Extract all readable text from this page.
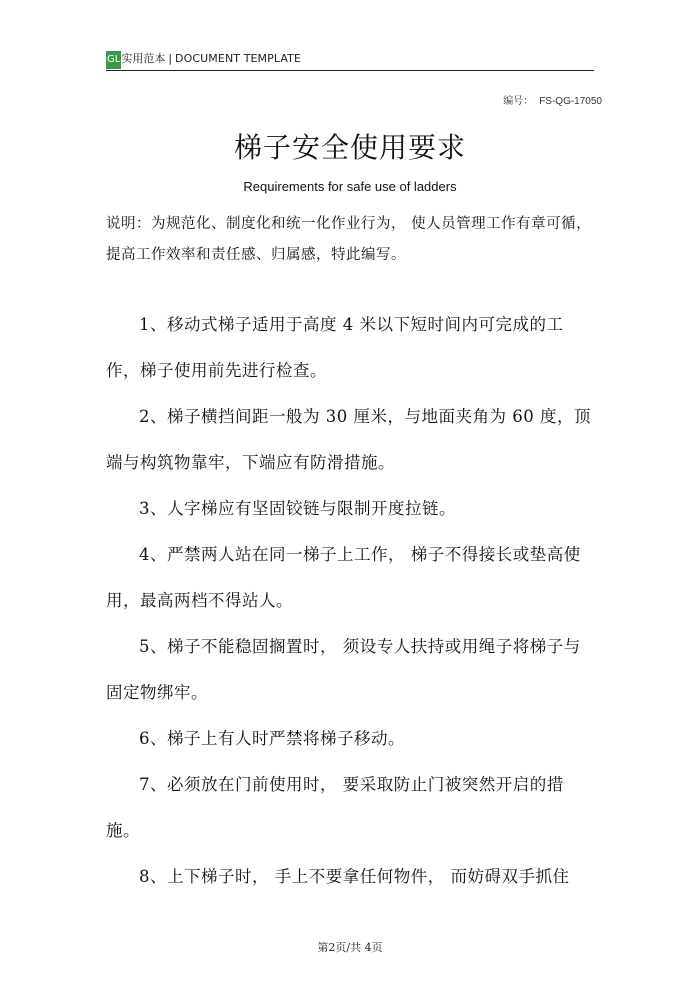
GL实用范本 | DOCUMENT TEMPLATE
编号： FS-QG-17050
梯子安全使用要求
Requirements for safe use of ladders
说明：为规范化、制度化和统一化作业行为， 使人员管理工作有章可循，提高工作效率和责任感、归属感，特此编写。

1、移动式梯子适用于高度 4 米以下短时间内可完成的工作，梯子使用前先进行检查。

2、梯子横挡间距一般为 30 厘米，与地面夹角为 60 度，顶端与构筑物靠牢，下端应有防滑措施。

3、人字梯应有坚固铰链与限制开度拉链。

4、严禁两人站在同一梯子上工作， 梯子不得接长或垫高使用，最高两档不得站人。

5、梯子不能稳固搁置时， 须设专人扶持或用绳子将梯子与固定物绑牢。

6、梯子上有人时严禁将梯子移动。

7、必须放在门前使用时， 要采取防止门被突然开启的措施。

8、上下梯子时， 手上不要拿任何物件， 而妨碍双手抓住

第2页/共 4页
